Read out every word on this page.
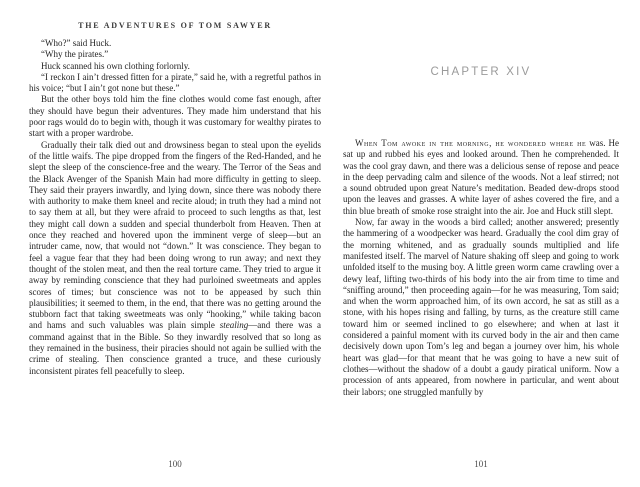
THE ADVENTURES OF TOM SAWYER

“Who?” said Huck.

“Why the pirates.”

Huck scanned his own clothing forlornly.

“I reckon I ain’t dressed fitten for a pirate,” said he, with a regretful pathos in his voice; “but I ain’t got none but these.”

But the other boys told him the fine clothes would come fast enough, after they should have begun their adventures. They made him understand that his poor rags would do to begin with, though it was customary for wealthy pirates to start with a proper wardrobe.

Gradually their talk died out and drowsiness began to steal upon the eyelids of the little waifs. The pipe dropped from the fingers of the Red-Handed, and he slept the sleep of the conscience-free and the weary. The Terror of the Seas and the Black Avenger of the Spanish Main had more difficulty in getting to sleep. They said their prayers inwardly, and lying down, since there was nobody there with authority to make them kneel and recite aloud; in truth they had a mind not to say them at all, but they were afraid to proceed to such lengths as that, lest they might call down a sudden and special thunderbolt from Heaven. Then at once they reached and hovered upon the imminent verge of sleep—but an intruder came, now, that would not “down.” It was conscience. They began to feel a vague fear that they had been doing wrong to run away; and next they thought of the stolen meat, and then the real torture came. They tried to argue it away by reminding conscience that they had purloined sweetmeats and apples scores of times; but conscience was not to be appeased by such thin plausibilities; it seemed to them, in the end, that there was no getting around the stubborn fact that taking sweetmeats was only “hooking,” while taking bacon and hams and such valuables was plain simple stealing—and there was a command against that in the Bible. So they inwardly resolved that so long as they remained in the business, their piracies should not again be sullied with the crime of stealing. Then conscience granted a truce, and these curiously inconsistent pirates fell peacefully to sleep.

100
CHAPTER XIV

When Tom awoke in the morning, he wondered where he was. He sat up and rubbed his eyes and looked around. Then he comprehended. It was the cool gray dawn, and there was a delicious sense of repose and peace in the deep pervading calm and silence of the woods. Not a leaf stirred; not a sound obtruded upon great Nature’s meditation. Beaded dew-drops stood upon the leaves and grasses. A white layer of ashes covered the fire, and a thin blue breath of smoke rose straight into the air. Joe and Huck still slept.

Now, far away in the woods a bird called; another answered; presently the hammering of a woodpecker was heard. Gradually the cool dim gray of the morning whitened, and as gradually sounds multiplied and life manifested itself. The marvel of Nature shaking off sleep and going to work unfolded itself to the musing boy. A little green worm came crawling over a dewy leaf, lifting two-thirds of his body into the air from time to time and “sniffing around,” then proceeding again—for he was measuring, Tom said; and when the worm approached him, of its own accord, he sat as still as a stone, with his hopes rising and falling, by turns, as the creature still came toward him or seemed inclined to go elsewhere; and when at last it considered a painful moment with its curved body in the air and then came decisively down upon Tom’s leg and began a journey over him, his whole heart was glad—for that meant that he was going to have a new suit of clothes—without the shadow of a doubt a gaudy piratical uniform. Now a procession of ants appeared, from nowhere in particular, and went about their labors; one struggled manfully by

101
